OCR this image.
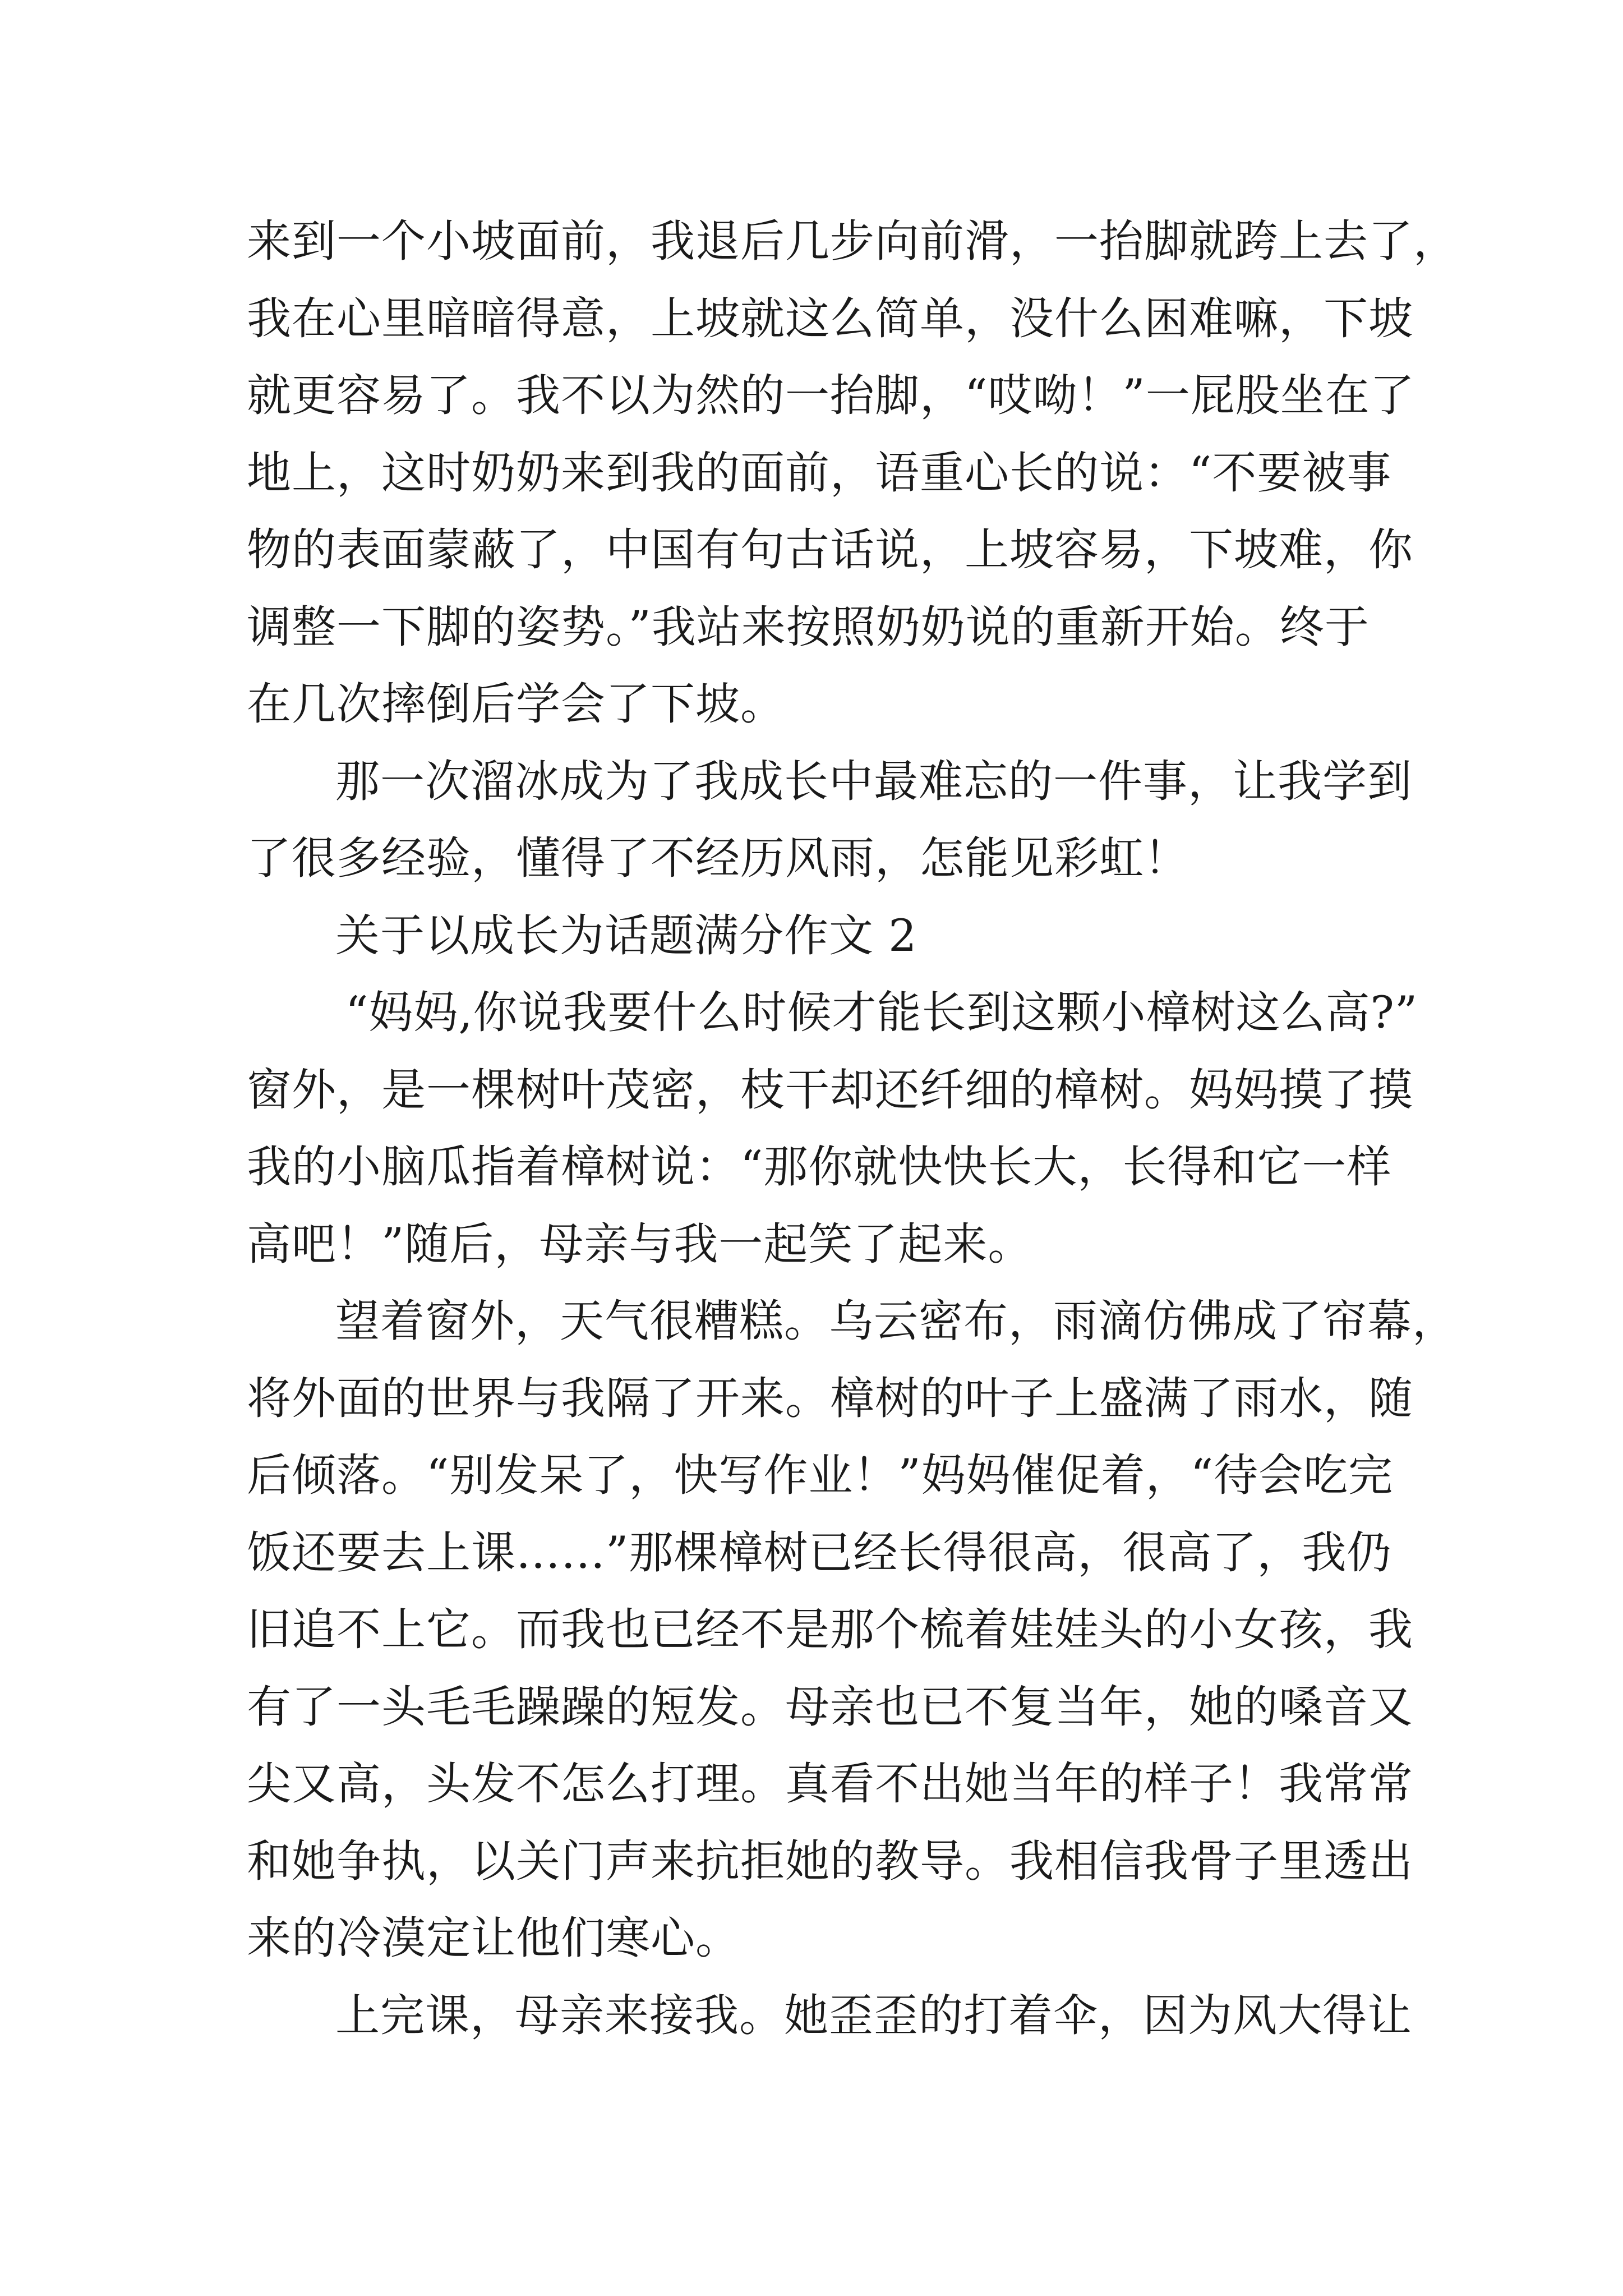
来到一个小坡面前，我退后几步向前滑，一抬脚就跨上去了，
我在心里暗暗得意，上坡就这么简单，没什么困难嘛，下坡
就更容易了。我不以为然的一抬脚，“哎呦！”一屁股坐在了
地上，这时奶奶来到我的面前，语重心长的说：“不要被事
物的表面蒙蔽了，中国有句古话说，上坡容易，下坡难，你
调整一下脚的姿势。”我站来按照奶奶说的重新开始。终于
在几次摔倒后学会了下坡。
那一次溜冰成为了我成长中最难忘的一件事，让我学到
了很多经验，懂得了不经历风雨，怎能见彩虹！
关于以成长为话题满分作文 2
“妈妈,你说我要什么时候才能长到这颗小樟树这么高?”
窗外，是一棵树叶茂密，枝干却还纤细的樟树。妈妈摸了摸
我的小脑瓜指着樟树说：“那你就快快长大，长得和它一样
高吧！”随后，母亲与我一起笑了起来。
望着窗外，天气很糟糕。乌云密布，雨滴仿佛成了帘幕，
将外面的世界与我隔了开来。樟树的叶子上盛满了雨水，随
后倾落。“别发呆了，快写作业！”妈妈催促着，“待会吃完
饭还要去上课……”那棵樟树已经长得很高，很高了，我仍
旧追不上它。而我也已经不是那个梳着娃娃头的小女孩，我
有了一头毛毛躁躁的短发。母亲也已不复当年，她的嗓音又
尖又高，头发不怎么打理。真看不出她当年的样子！我常常
和她争执，以关门声来抗拒她的教导。我相信我骨子里透出
来的冷漠定让他们寒心。
上完课，母亲来接我。她歪歪的打着伞，因为风大得让
